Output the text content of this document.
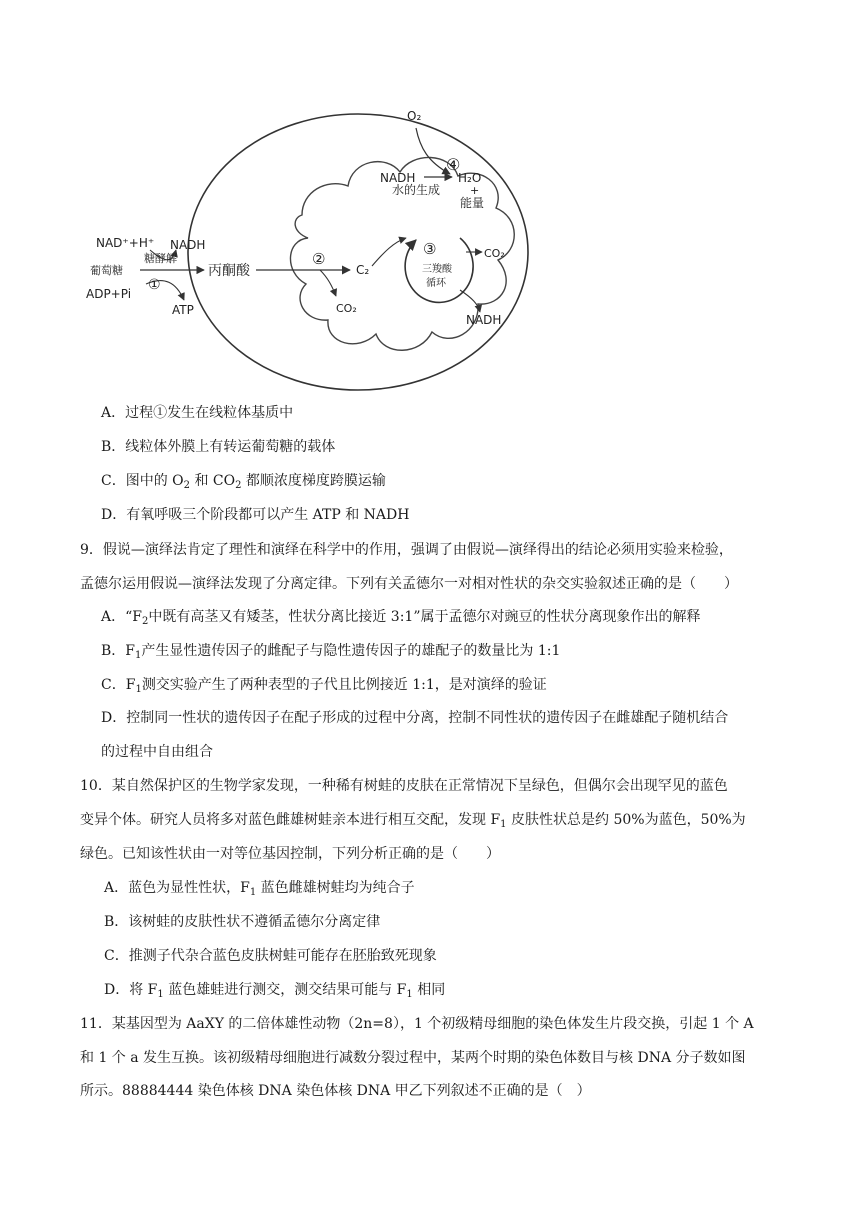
O₂
④
NADH	H₂O
+
水的生成
能量
NAD⁺+H⁺ NADH
糖酵解
葡萄糖
①
ADP+Pi
ATP
丙酮酸
②
C₂
CO₂
③
三羧酸
循环
CO₂
NADH
A．过程①发生在线粒体基质中
B．线粒体外膜上有转运葡萄糖的载体
C．图中的 $O_2$ 和 $CO_2$ 都顺浓度梯度跨膜运输
D．有氧呼吸三个阶段都可以产生 ATP 和 NADH
9．假说—演绎法肯定了理性和演绎在科学中的作用，强调了由假说—演绎得出的结论必须用实验来检验，
孟德尔运用假说—演绎法发现了分离定律。下列有关孟德尔一对相对性状的杂交实验叙述正确的是（　　）
A．“$F_2$中既有高茎又有矮茎，性状分离比接近 3:1”属于孟德尔对豌豆的性状分离现象作出的解释
B．$F_1$产生显性遗传因子的雌配子与隐性遗传因子的雄配子的数量比为 1:1
C．$F_1$测交实验产生了两种表型的子代且比例接近 1:1，是对演绎的验证
D．控制同一性状的遗传因子在配子形成的过程中分离，控制不同性状的遗传因子在雌雄配子随机结合
的过程中自由组合
10．某自然保护区的生物学家发现，一种稀有树蛙的皮肤在正常情况下呈绿色，但偶尔会出现罕见的蓝色
变异个体。研究人员将多对蓝色雌雄树蛙亲本进行相互交配，发现 $F_1$ 皮肤性状总是约 50%为蓝色，50%为
绿色。已知该性状由一对等位基因控制，下列分析正确的是（　　）
A．蓝色为显性性状，$F_1$ 蓝色雌雄树蛙均为纯合子
B．该树蛙的皮肤性状不遵循孟德尔分离定律
C．推测子代杂合蓝色皮肤树蛙可能存在胚胎致死现象
D．将 $F_1$ 蓝色雄蛙进行测交，测交结果可能与 $F_1$ 相同
11．某基因型为 AaXY 的二倍体雄性动物（2n=8），1 个初级精母细胞的染色体发生片段交换，引起 1 个 A
和 1 个 a 发生互换。该初级精母细胞进行减数分裂过程中，某两个时期的染色体数目与核 DNA 分子数如图
所示。88884444 染色体核 DNA 染色体核 DNA 甲乙下列叙述不正确的是（　）
